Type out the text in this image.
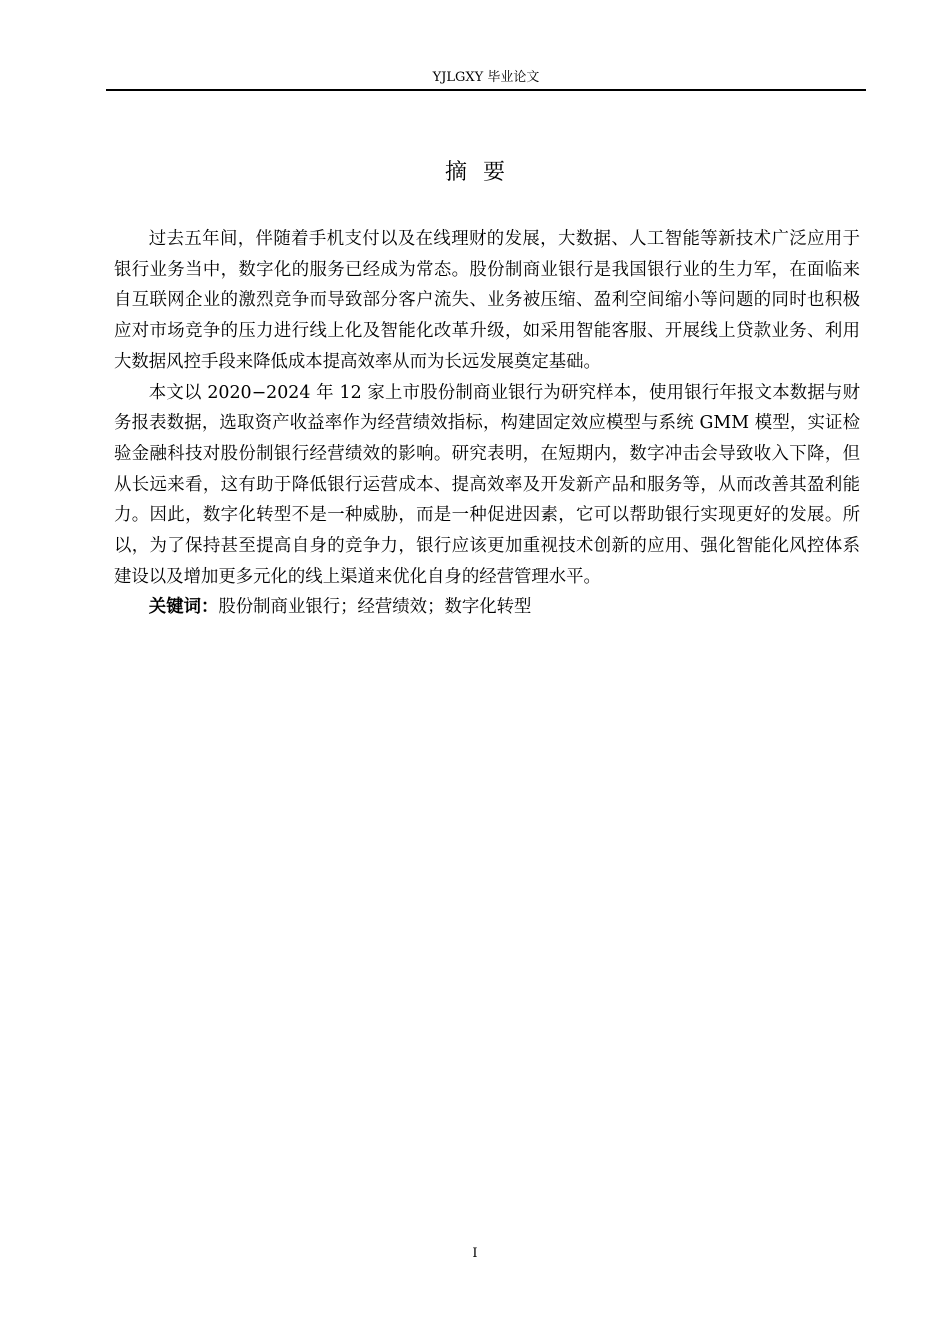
YJLGXY 毕业论文
摘要

过去五年间，伴随着手机支付以及在线理财的发展，大数据、人工智能等新技术广泛应用于银行业务当中，数字化的服务已经成为常态。股份制商业银行是我国银行业的生力军，在面临来自互联网企业的激烈竞争而导致部分客户流失、业务被压缩、盈利空间缩小等问题的同时也积极应对市场竞争的压力进行线上化及智能化改革升级，如采用智能客服、开展线上贷款业务、利用大数据风控手段来降低成本提高效率从而为长远发展奠定基础。

本文以 2020−2024 年 12 家上市股份制商业银行为研究样本，使用银行年报文本数据与财务报表数据，选取资产收益率作为经营绩效指标，构建固定效应模型与系统 GMM 模型，实证检验金融科技对股份制银行经营绩效的影响。研究表明，在短期内，数字冲击会导致收入下降，但从长远来看，这有助于降低银行运营成本、提高效率及开发新产品和服务等，从而改善其盈利能力。因此，数字化转型不是一种威胁，而是一种促进因素，它可以帮助银行实现更好的发展。所以，为了保持甚至提高自身的竞争力，银行应该更加重视技术创新的应用、强化智能化风控体系建设以及增加更多元化的线上渠道来优化自身的经营管理水平。

关键词：股份制商业银行；经营绩效；数字化转型

I
